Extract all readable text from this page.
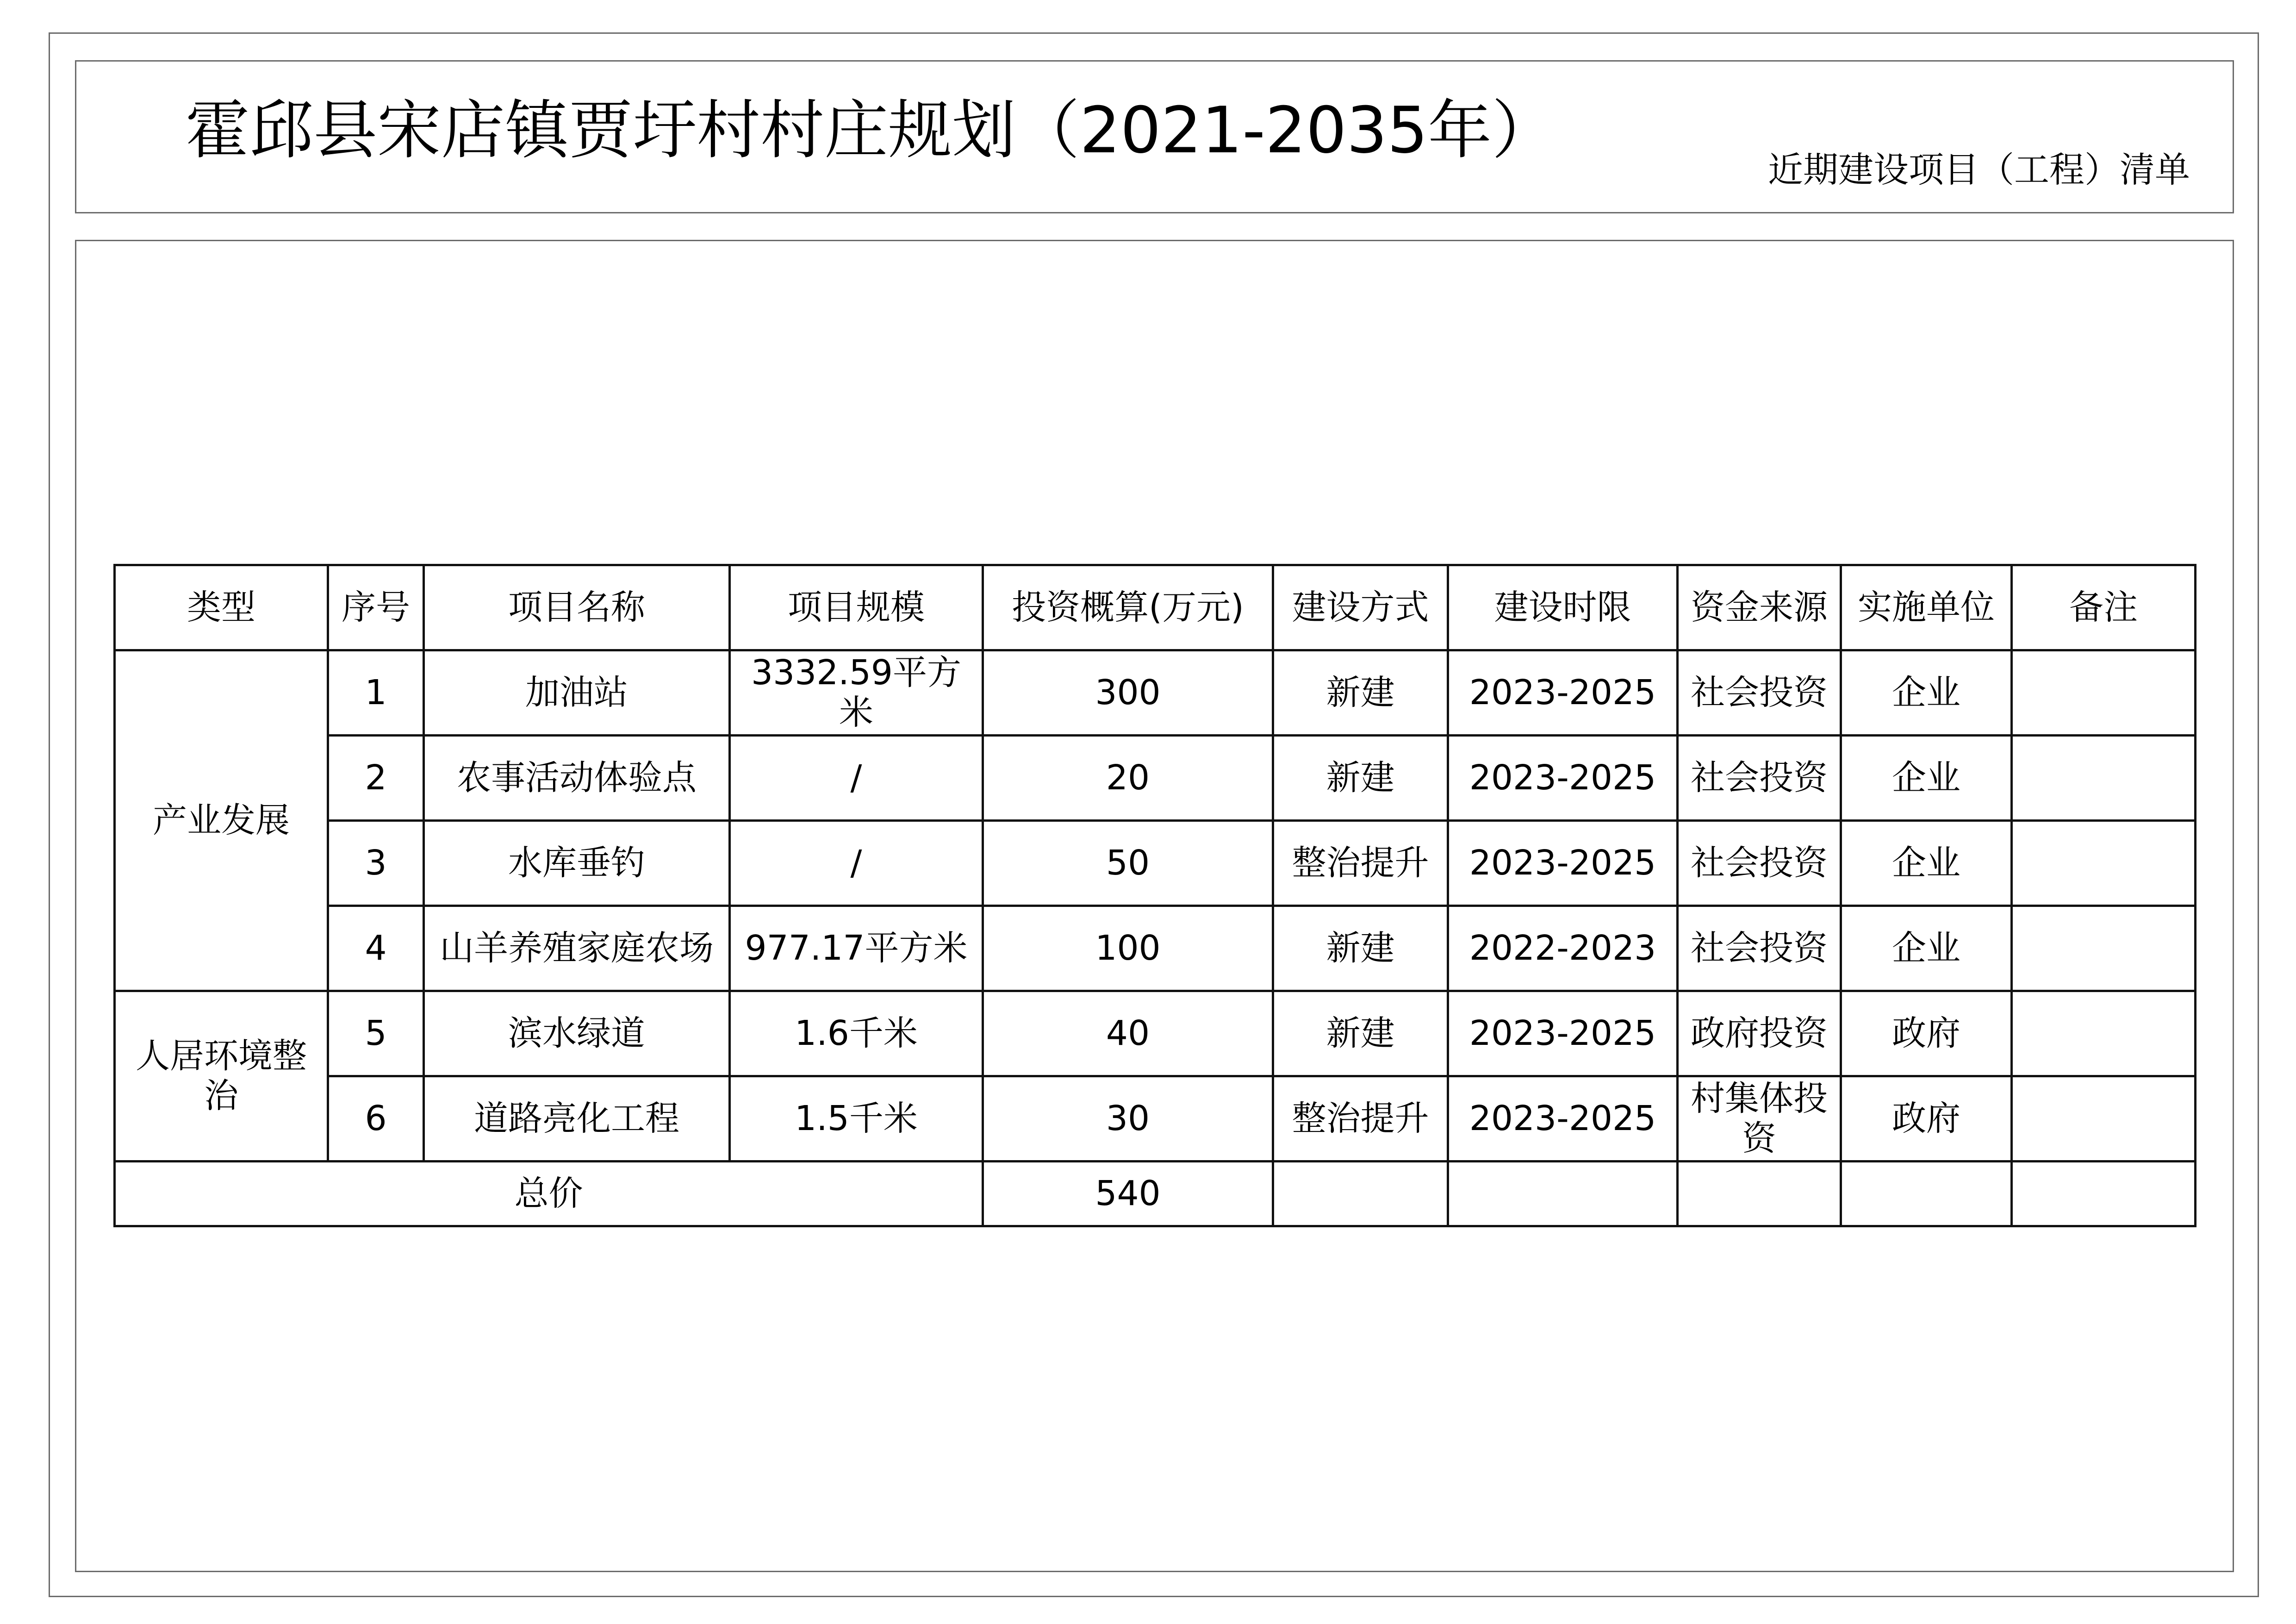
霍邱县宋店镇贾圩村村庄规划（2021-2035年）
近期建设项目（工程）清单
类型	序号	项目名称	项目规模	投资概算(万元)	建设方式	建设时限	资金来源	实施单位	备注
产业发展	1	加油站	3332.59平方米	300	新建	2023-2025	社会投资	企业	
	2	农事活动体验点	/	20	新建	2023-2025	社会投资	企业	
	3	水库垂钓	/	50	整治提升	2023-2025	社会投资	企业	
	4	山羊养殖家庭农场	977.17平方米	100	新建	2022-2023	社会投资	企业	
人居环境整治	5	滨水绿道	1.6千米	40	新建	2023-2025	政府投资	政府	
	6	道路亮化工程	1.5千米	30	整治提升	2023-2025	村集体投资	政府	
总价				540					
